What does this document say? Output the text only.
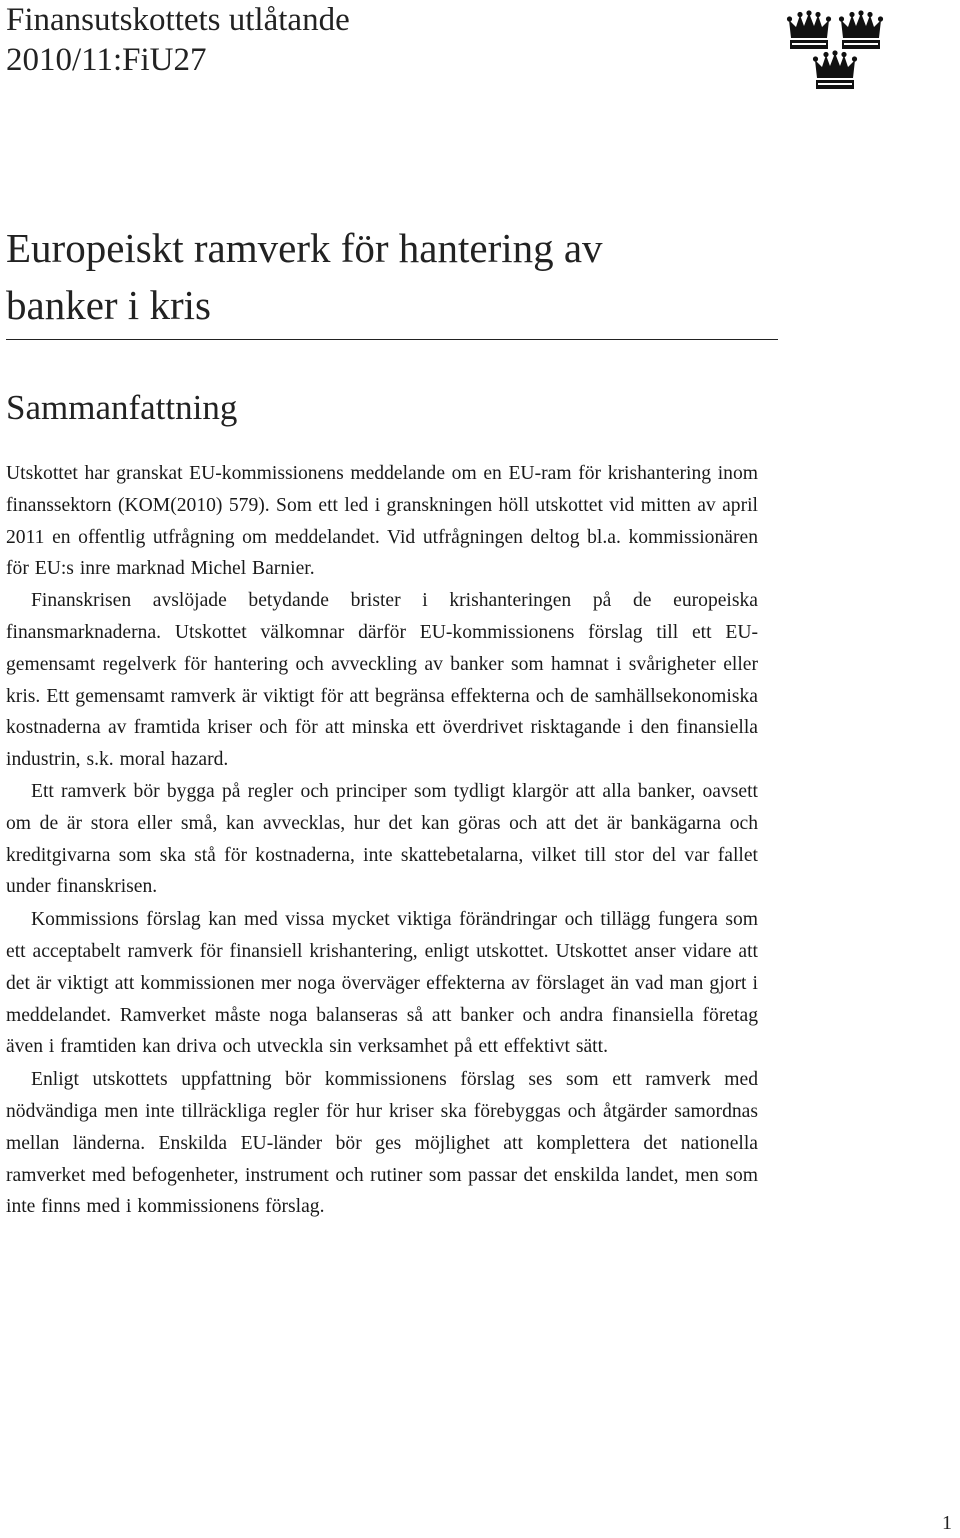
Finansutskottets utlåtande

2010/11:FiU27

Europeiskt ramverk för hantering av
banker i kris
Sammanfattning

Utskottet har granskat EU-kommissionens meddelande om en EU-ram för krishantering inom finanssektorn (KOM(2010) 579). Som ett led i granskningen höll utskottet vid mitten av april 2011 en offentlig utfrågning om meddelandet. Vid utfrågningen deltog bl.a. kommissionären för EU:s inre marknad Michel Barnier.

Finanskrisen avslöjade betydande brister i krishanteringen på de europeiska finansmarknaderna. Utskottet välkomnar därför EU-kommissionens förslag till ett EU-gemensamt regelverk för hantering och avveckling av banker som hamnat i svårigheter eller kris. Ett gemensamt ramverk är viktigt för att begränsa effekterna och de samhällsekonomiska kostnaderna av framtida kriser och för att minska ett överdrivet risktagande i den finansiella industrin, s.k. moral hazard.

Ett ramverk bör bygga på regler och principer som tydligt klargör att alla banker, oavsett om de är stora eller små, kan avvecklas, hur det kan göras och att det är bankägarna och kreditgivarna som ska stå för kostnaderna, inte skattebetalarna, vilket till stor del var fallet under finanskrisen.

Kommissions förslag kan med vissa mycket viktiga förändringar och tillägg fungera som ett acceptabelt ramverk för finansiell krishantering, enligt utskottet. Utskottet anser vidare att det är viktigt att kommissionen mer noga överväger effekterna av förslaget än vad man gjort i meddelandet. Ramverket måste noga balanseras så att banker och andra finansiella företag även i framtiden kan driva och utveckla sin verksamhet på ett effektivt sätt.

Enligt utskottets uppfattning bör kommissionens förslag ses som ett ramverk med nödvändiga men inte tillräckliga regler för hur kriser ska förebyggas och åtgärder samordnas mellan länderna. Enskilda EU-länder bör ges möjlighet att komplettera det nationella ramverket med befogenheter, instrument och rutiner som passar det enskilda landet, men som inte finns med i kommissionens förslag.

1
